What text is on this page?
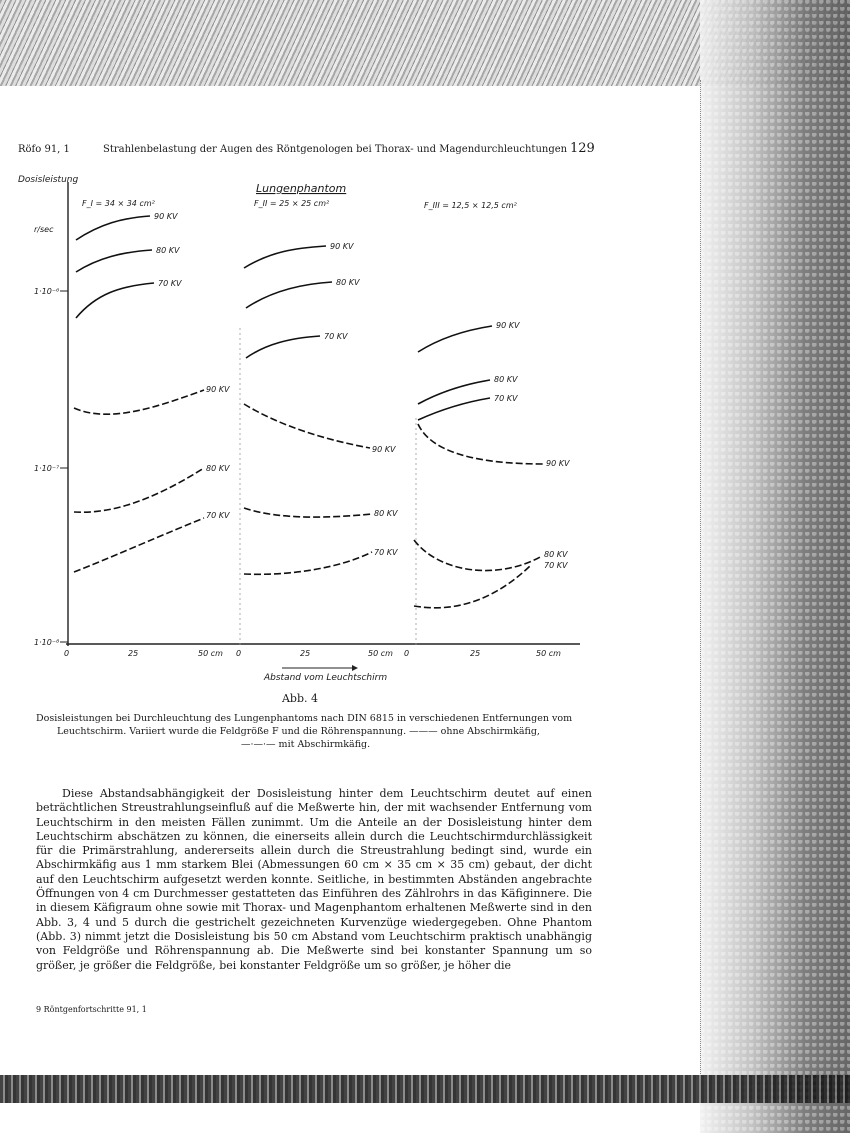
Röfo 91, 1	Strahlenbelastung der Augen des Röntgenologen bei Thorax- und Magendurchleuchtungen 129
Dosisleistung
r/sec
1·10⁻⁶
1·10⁻⁷
1·10⁻⁸
Lungenphantom
F_I = 34 × 34 cm²	F_II = 25 × 25 cm²	F_III = 12,5 × 12,5 cm²
0	25	50 cm 0	25	50 cm 0	25	50 cm
Abstand vom Leuchtschirm
90 KV
80 KV
70 KV
90 KV
80 KV
70 KV
90 KV
80 KV
70 KV
90 KV
80 KV
70 KV
90 KV
80 KV
70 KV
90 KV
80 KV
70 KV
Abb. 4
Dosisleistungen bei Durchleuchtung des Lungenphantoms nach DIN 6815 in verschiedenen Entfernungen vom
Leuchtschirm. Variiert wurde die Feldgröße F und die Röhrenspannung. ——— ohne Abschirmkäfig,
—·—·— mit Abschirmkäfig.

Diese Abstandsabhängigkeit der Dosisleistung hinter dem Leuchtschirm deutet auf einen beträchtlichen Streustrahlungseinfluß auf die Meßwerte hin, der mit wachsender Entfernung vom Leuchtschirm in den meisten Fällen zunimmt. Um die Anteile an der Dosisleistung hinter dem Leuchtschirm abschätzen zu können, die einerseits allein durch die Leuchtschirmdurchlässigkeit für die Primärstrahlung, andererseits allein durch die Streustrahlung bedingt sind, wurde ein Abschirmkäfig aus 1 mm starkem Blei (Abmessungen 60 cm × 35 cm × 35 cm) gebaut, der dicht auf den Leuchtschirm aufgesetzt werden konnte. Seitliche, in bestimmten Abständen angebrachte Öffnungen von 4 cm Durchmesser gestatteten das Einführen des Zählrohrs in das Käfiginnere. Die in diesem Käfigraum ohne sowie mit Thorax- und Magenphantom erhaltenen Meßwerte sind in den Abb. 3, 4 und 5 durch die gestrichelt gezeichneten Kurvenzüge wiedergegeben. Ohne Phantom (Abb. 3) nimmt jetzt die Dosisleistung bis 50 cm Abstand vom Leuchtschirm praktisch unabhängig von Feldgröße und Röhrenspannung ab. Die Meßwerte sind bei konstanter Spannung um so größer, je größer die Feldgröße, bei konstanter Feldgröße um so größer, je höher die

9 Röntgenfortschritte 91, 1
